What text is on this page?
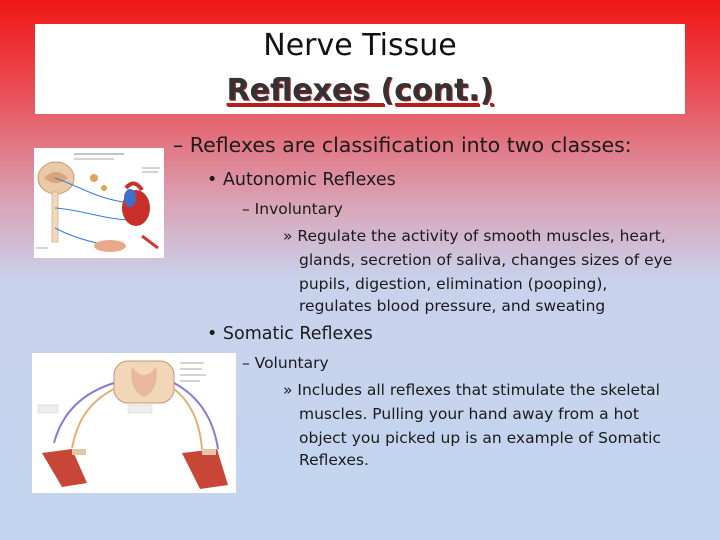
Nerve Tissue
Reflexes (cont.)
– Reflexes are classification into two classes:
• Autonomic Reflexes
– Involuntary
» Regulate the activity of smooth muscles, heart,
glands, secretion of saliva, changes sizes of eye
pupils, digestion, elimination (pooping),
regulates blood pressure, and sweating
• Somatic Reflexes
– Voluntary
» Includes all reflexes that stimulate the skeletal
muscles. Pulling your hand away from a hot
object you picked up is an example of Somatic
Reflexes.
